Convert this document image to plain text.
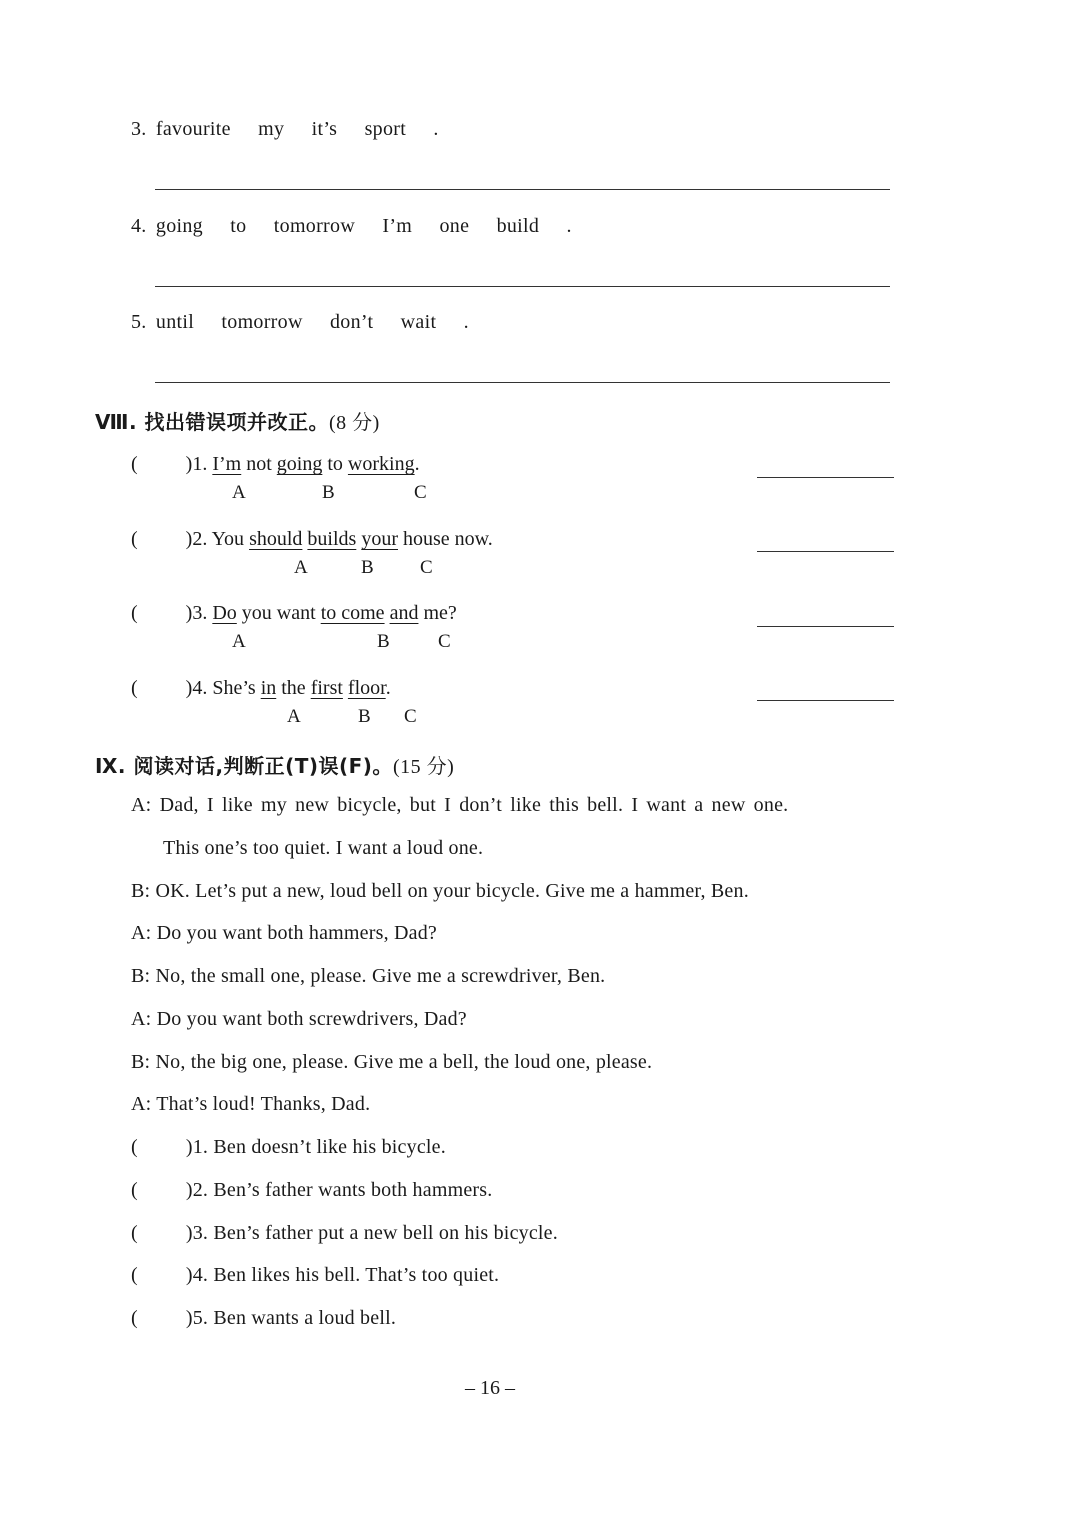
3. favourite my it’s sport .
4. going to tomorrow I’m one build .
5. until tomorrow don’t wait .
Ⅷ. 找出错误项并改正。(8 分)
( )1. I’m not going to working.
A	B	C
( )2. You should builds your house now.
A	B C
( )3. Do you want to come and me?
A	B	C
( )4. She’s in the first floor.
A	B C
Ⅸ. 阅读对话,判断正(T)误(F)。(15 分)
A: Dad, I like my new bicycle, but I don’t like this bell. I want a new one.
This one’s too quiet. I want a loud one.
B: OK. Let’s put a new, loud bell on your bicycle. Give me a hammer, Ben.
A: Do you want both hammers, Dad?
B: No, the small one, please. Give me a screwdriver, Ben.
A: Do you want both screwdrivers, Dad?
B: No, the big one, please. Give me a bell, the loud one, please.
A: That’s loud! Thanks, Dad.
( )1. Ben doesn’t like his bicycle.
( )2. Ben’s father wants both hammers.
( )3. Ben’s father put a new bell on his bicycle.
( )4. Ben likes his bell. That’s too quiet.
( )5. Ben wants a loud bell.
– 16 –
